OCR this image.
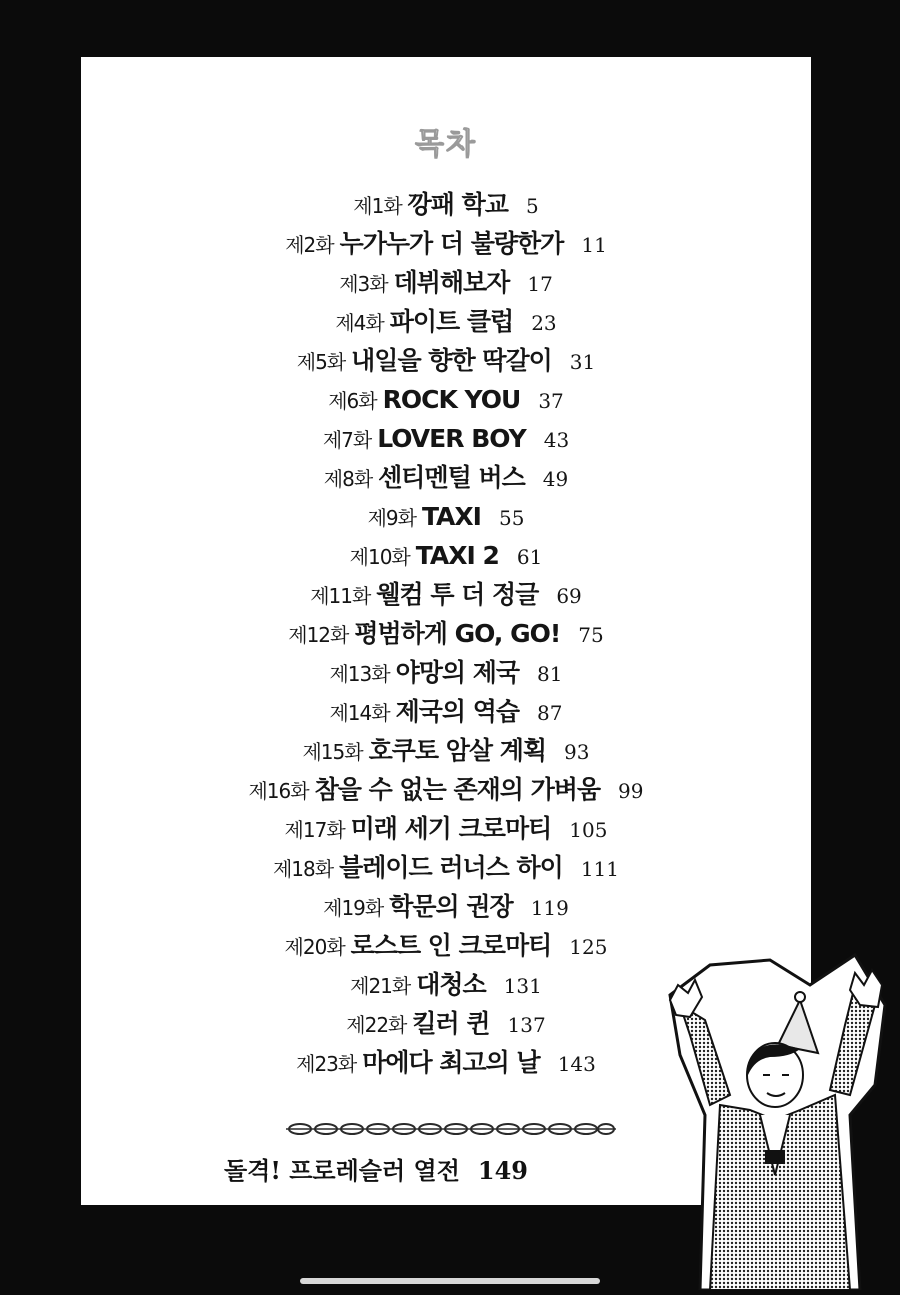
목차
제1화 깡패 학교 5
제2화 누가누가 더 불량한가 11
제3화 데뷔해보자 17
제4화 파이트 클럽 23
제5화 내일을 향한 딱갈이 31
제6화 ROCK YOU 37
제7화 LOVER BOY 43
제8화 센티멘털 버스 49
제9화 TAXI 55
제10화 TAXI 2 61
제11화 웰컴 투 더 정글 69
제12화 평범하게 GO, GO! 75
제13화 야망의 제국 81
제14화 제국의 역습 87
제15화 호쿠토 암살 계획 93
제16화 참을 수 없는 존재의 가벼움 99
제17화 미래 세기 크로마티 105
제18화 블레이드 러너스 하이 111
제19화 학문의 권장 119
제20화 로스트 인 크로마티 125
제21화 대청소 131
제22화 킬러 퀸 137
제23화 마에다 최고의 날 143
돌격! 프로레슬러 열전 149
